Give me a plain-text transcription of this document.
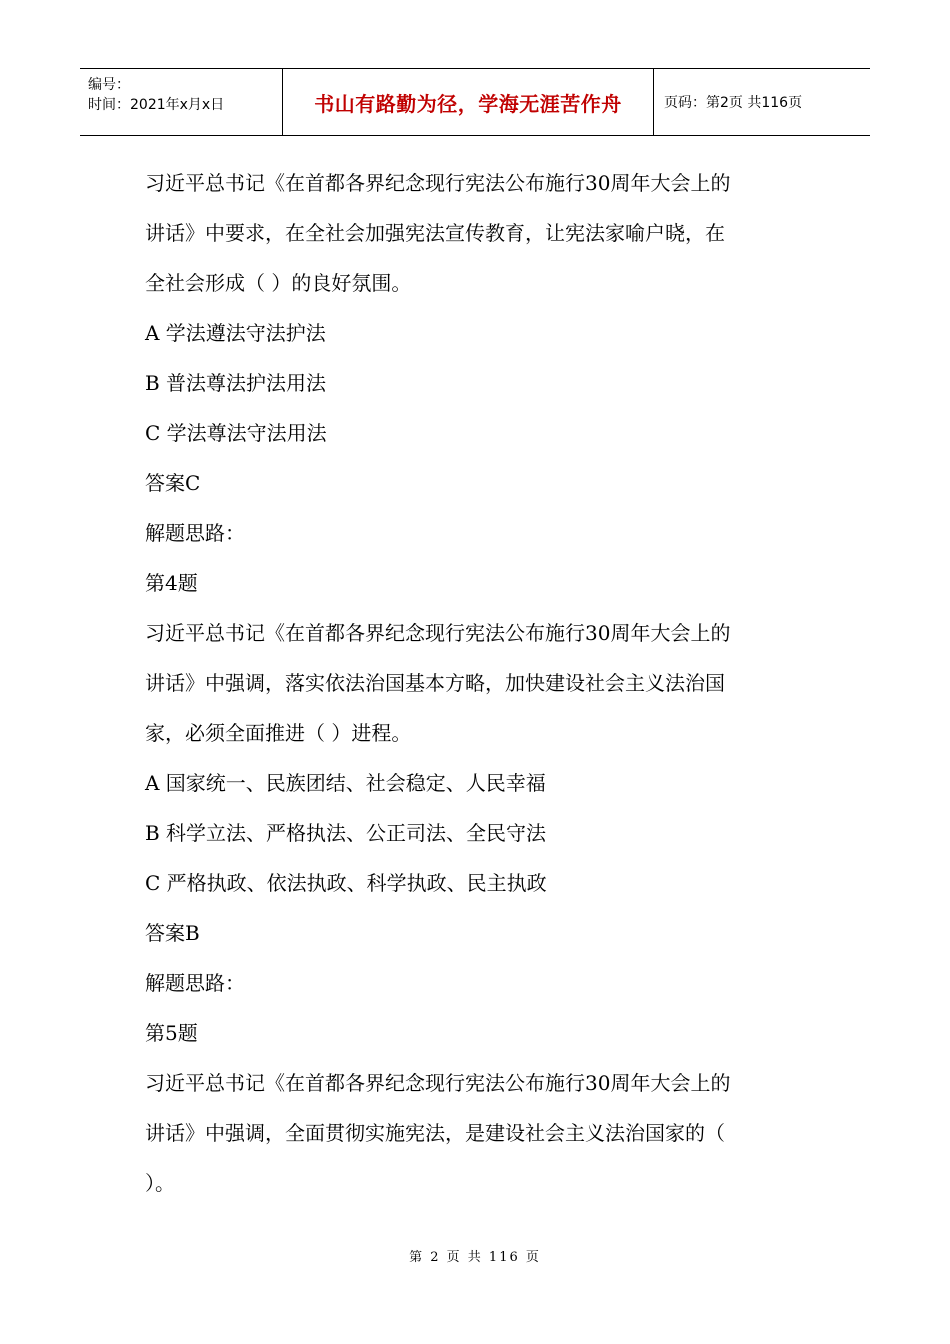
编号：
时间：2021年x月x日	书山有路勤为径，学海无涯苦作舟	页码：第2页 共116页
习近平总书记《在首都各界纪念现行宪法公布施行30周年大会上的
讲话》中要求，在全社会加强宪法宣传教育，让宪法家喻户晓，在
全社会形成（ ）的良好氛围。
A 学法遵法守法护法
B 普法尊法护法用法
C 学法尊法守法用法
答案C
解题思路：
第4题
习近平总书记《在首都各界纪念现行宪法公布施行30周年大会上的
讲话》中强调，落实依法治国基本方略，加快建设社会主义法治国
家，必须全面推进（ ）进程。
A 国家统一、民族团结、社会稳定、人民幸福
B 科学立法、严格执法、公正司法、全民守法
C 严格执政、依法执政、科学执政、民主执政
答案B
解题思路：
第5题
习近平总书记《在首都各界纪念现行宪法公布施行30周年大会上的
讲话》中强调，全面贯彻实施宪法，是建设社会主义法治国家的（
）。
第 2 页 共 116 页
